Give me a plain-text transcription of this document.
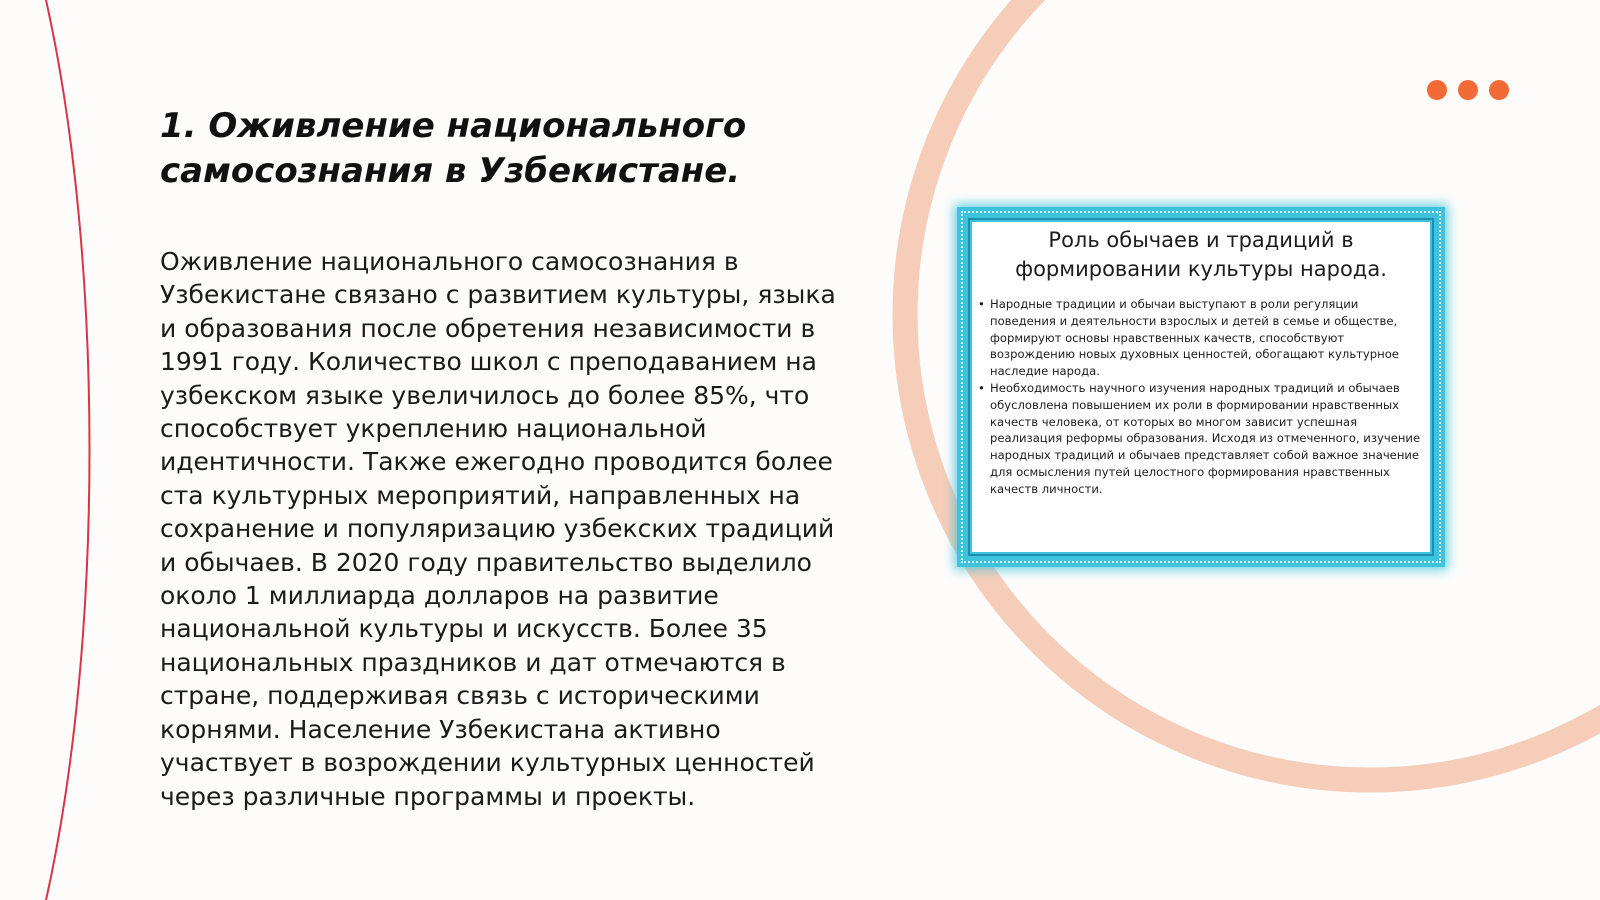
1. Оживление национального самосознания в Узбекистане.

Оживление национального самосознания в Узбекистане связано с развитием культуры, языка и образования после обретения независимости в 1991 году. Количество школ с преподаванием на узбекском языке увеличилось до более 85%, что способствует укреплению национальной идентичности. Также ежегодно проводится более ста культурных мероприятий, направленных на сохранение и популяризацию узбекских традиций и обычаев. В 2020 году правительство выделило около 1 миллиарда долларов на развитие национальной культуры и искусств. Более 35 национальных праздников и дат отмечаются в стране, поддерживая связь с историческими корнями. Население Узбекистана активно участвует в возрождении культурных ценностей через различные программы и проекты.

Роль обычаев и традиций в формировании культуры народа.
• Народные традиции и обычаи выступают в роли регуляции поведения и деятельности взрослых и детей в семье и обществе, формируют основы нравственных качеств, способствуют возрождению новых духовных ценностей, обогащают культурное наследие народа.
• Необходимость научного изучения народных традиций и обычаев обусловлена повышением их роли в формировании нравственных качеств человека, от которых во многом зависит успешная реализация реформы образования. Исходя из отмеченного, изучение народных традиций и обычаев представляет собой важное значение для осмысления путей целостного формирования нравственных качеств личности.
